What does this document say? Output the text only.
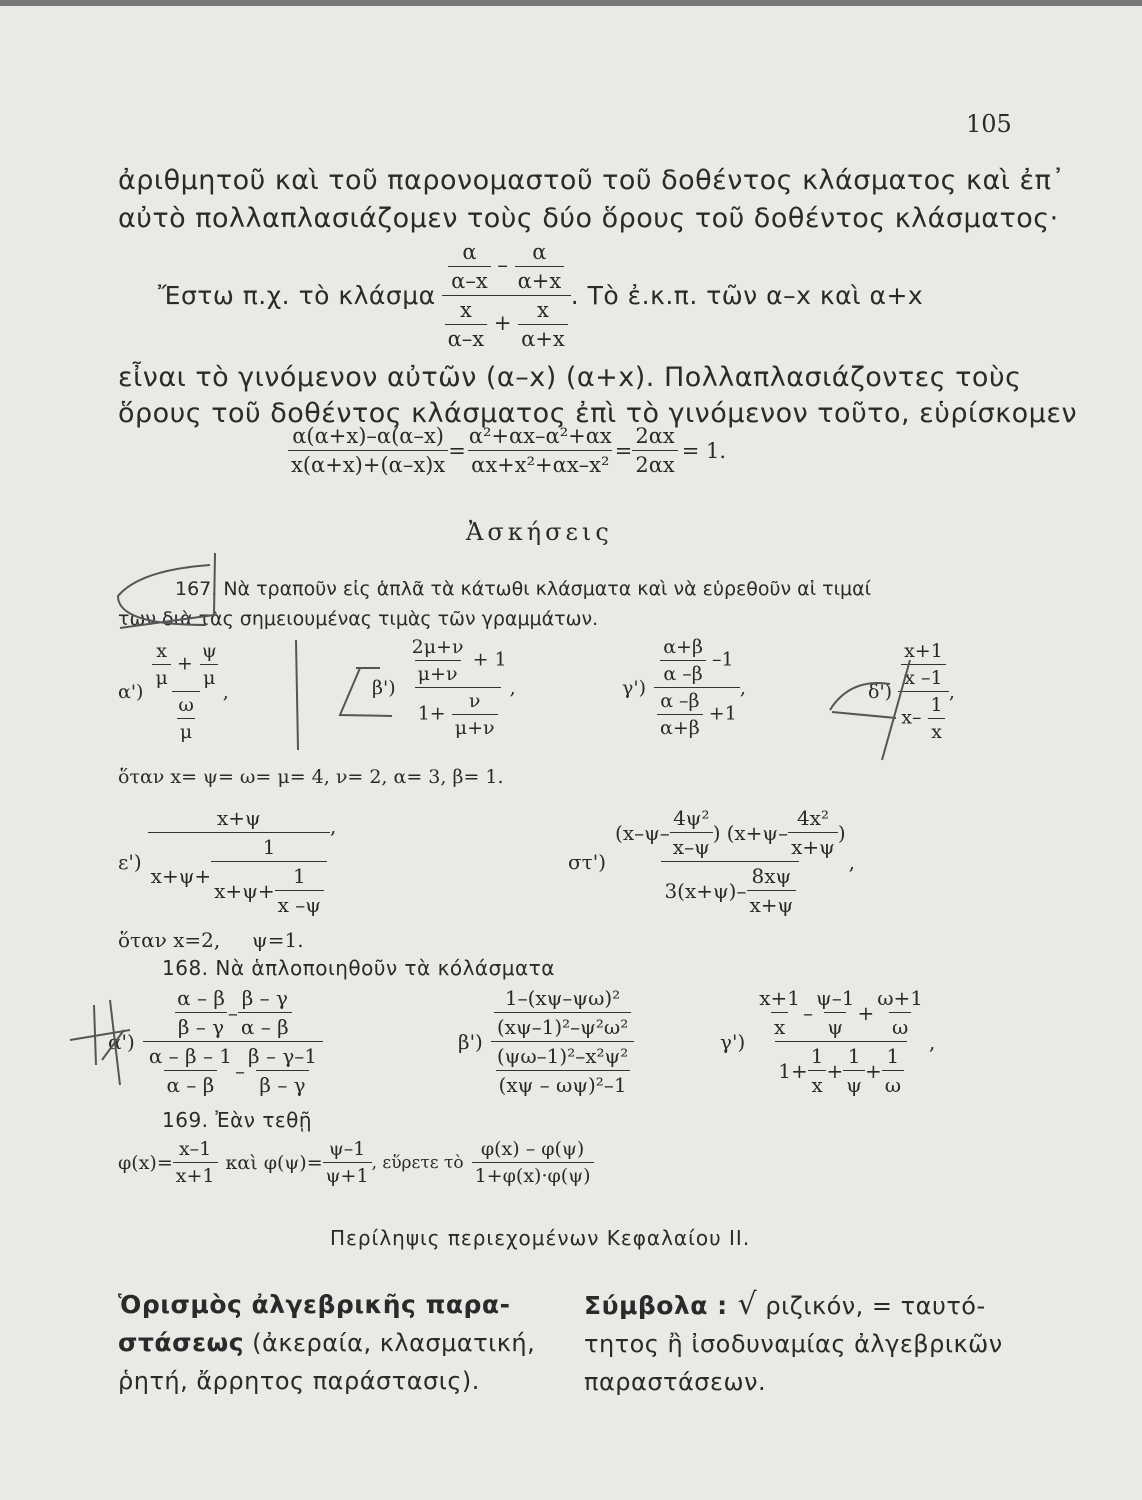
105
ἀριθμητοῦ καὶ τοῦ παρονομαστοῦ τοῦ δοθέντος κλάσματος καὶ ἐπ᾽
αὐτὸ πολλαπλασιάζομεν τοὺς δύο ὅρους τοῦ δοθέντος κλάσματος·
Ἔστω π.χ. τὸ κλάσμα $\frac{\frac{\alpha}{\alpha-x} - \frac{\alpha}{\alpha+x}}{\frac{x}{\alpha-x} + \frac{x}{\alpha+x}}$ . Τὸ ἐ.κ.π. τῶν α–x καὶ α+x
εἶναι τὸ γινόμενον αὐτῶν (α–x) (α+x). Πολλαπλασιάζοντες τοὺς
ὅρους τοῦ δοθέντος κλάσματος ἐπὶ τὸ γινόμενον τοῦτο, εὑρίσκομεν
$\frac{\alpha(\alpha+x)-\alpha(\alpha-x)}{x(\alpha+x)+(\alpha-x)x} = \frac{\text{α²+αx–α²+αx}}{\text{αx+x²+αx–x²}} = \frac{2\alpha x}{2\alpha x} = 1$.
Ἀσκήσεις
167. Νὰ τραποῦν εἰς ἁπλᾶ τὰ κάτωθι κλάσματα καὶ νὰ εὑρεθοῦν αἱ τιμαί
των διὰ τὰς σημειουμένας τιμὰς τῶν γραμμάτων.
$\alpha') \frac{\frac{x}{\mu} + \frac{\psi}{\mu}}{\frac{\omega}{\mu}}$ ,	$\beta') \frac{\frac{2\mu+\nu}{\mu+\nu} + 1}{1+ \frac{\nu}{\mu+\nu}}$ ,	$\gamma') \frac{\frac{\alpha+\beta}{\alpha -\beta} -1}{\frac{\alpha -\beta}{\alpha+\beta} +1}$ ,	$\delta') \frac{\frac{x+1}{x -1}}{x- \frac{1}{x}}$ ,
ὅταν x= ψ= ω= μ= 4, ν= 2, α= 3, β= 1.
ε')
x+ψ
$x+\psi+ \frac{1}{x+\psi+ \frac{1}{x -\psi}}$
,
στ')
($x-\psi- \frac{\text{4ψ²}}{x-\psi}$ ) ($x+\psi- \frac{\text{4x²}}{x+\psi}$ )
$3(x+\psi)- \frac{8x\psi}{x+\psi}$
,
ὅταν x=2,     ψ=1.
168. Νὰ ἁπλοποιηθοῦν τὰ κόλάσματα
$\alpha') \frac{\frac{\alpha - \beta}{\beta - \gamma} - \frac{\beta - \gamma}{\alpha - \beta}}{\frac{\alpha - \beta - 1}{\alpha - \beta} - \frac{\beta - \gamma-1}{\beta - \gamma}}$	$\beta') \frac{\frac{\text{1–(xψ–ψω)²}}{\text{(xψ–1)²–ψ²ω²}}}{\frac{\text{(ψω–1)²–x²ψ²}}{\text{(xψ – ωψ)²–1}}}$	$\gamma') \frac{\frac{x+1}{x} - \frac{\psi-1}{\psi} + \frac{\omega+1}{\omega}}{1+ \frac{1}{x} + \frac{1}{\psi} + \frac{1}{\omega}}$ ,
169. Ἐὰν τεθῇ
$\varphi(x)= \frac{x-1}{x+1}$ καὶ $\varphi(\psi)= \frac{\psi-1}{\psi+1}$ , εὕρετε τὸ $\frac{\varphi(x) - \varphi(\psi)}{1+\varphi(x)\cdot\varphi(\psi)}$
Περίληψις περιεχομένων Κεφαλαίου II.
Ὁρισμὸς ἀλγεβρικῆς παρα-
στάσεως (ἀκεραία, κλασματική,
ῥητή, ἄρρητος παράστασις).
Σύμβολα : √ ριζικόν, = ταυτό-
τητος ἢ ἰσοδυναμίας ἀλγεβρικῶν
παραστάσεων.
